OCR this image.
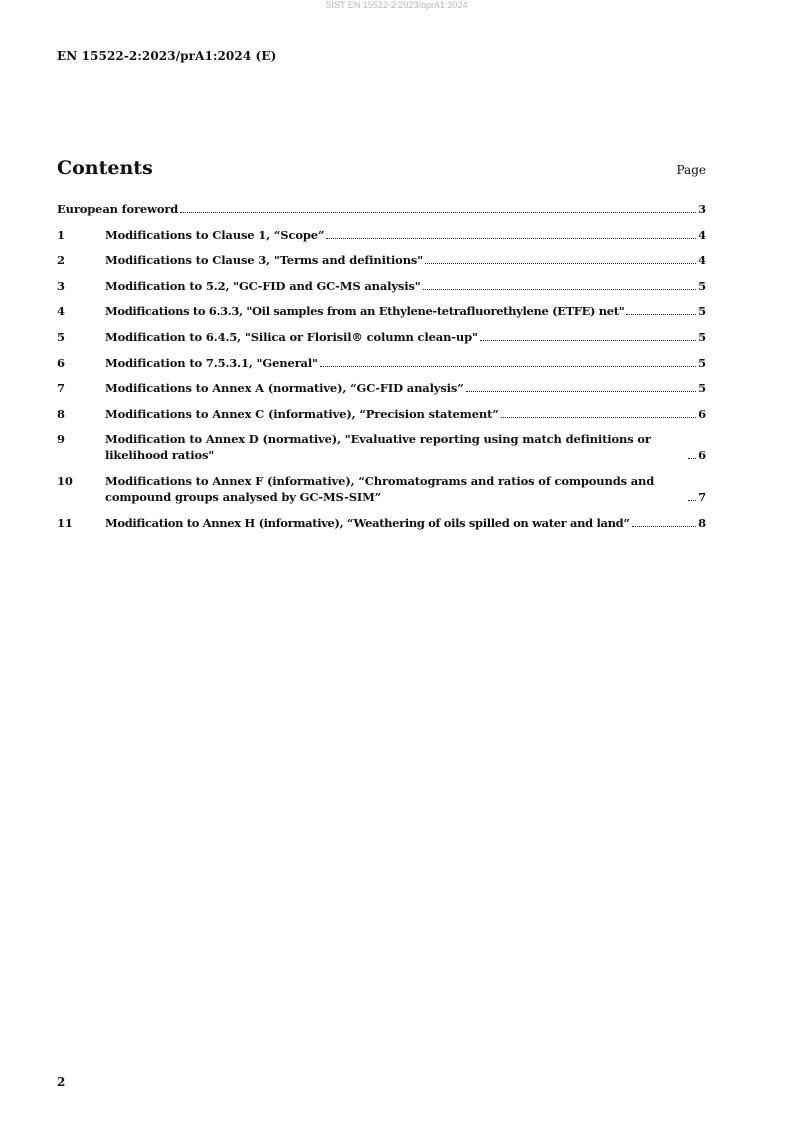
SIST EN 15522-2:2023/oprA1:2024
EN 15522-2:2023/prA1:2024 (E)
Contents	Page
European foreword	3
1	Modifications to Clause 1, “Scope”	4
2	Modifications to Clause 3, "Terms and definitions"	4
3	Modification to 5.2, "GC-FID and GC-MS analysis"	5
4	Modifications to 6.3.3, "Oil samples from an Ethylene-tetrafluorethylene (ETFE) net"	5
5	Modification to 6.4.5, "Silica or Florisil® column clean-up"	5
6	Modification to 7.5.3.1, "General"	5
7	Modifications to Annex A (normative), “GC-FID analysis”	5
8	Modifications to Annex C (informative), “Precision statement”	6
9	Modification to Annex D (normative), "Evaluative reporting using match definitions or likelihood ratios"	6
10	Modifications to Annex F (informative), “Chromatograms and ratios of compounds and compound groups analysed by GC-MS-SIM”	7
11	Modification to Annex H (informative), “Weathering of oils spilled on water and land”	8
2
